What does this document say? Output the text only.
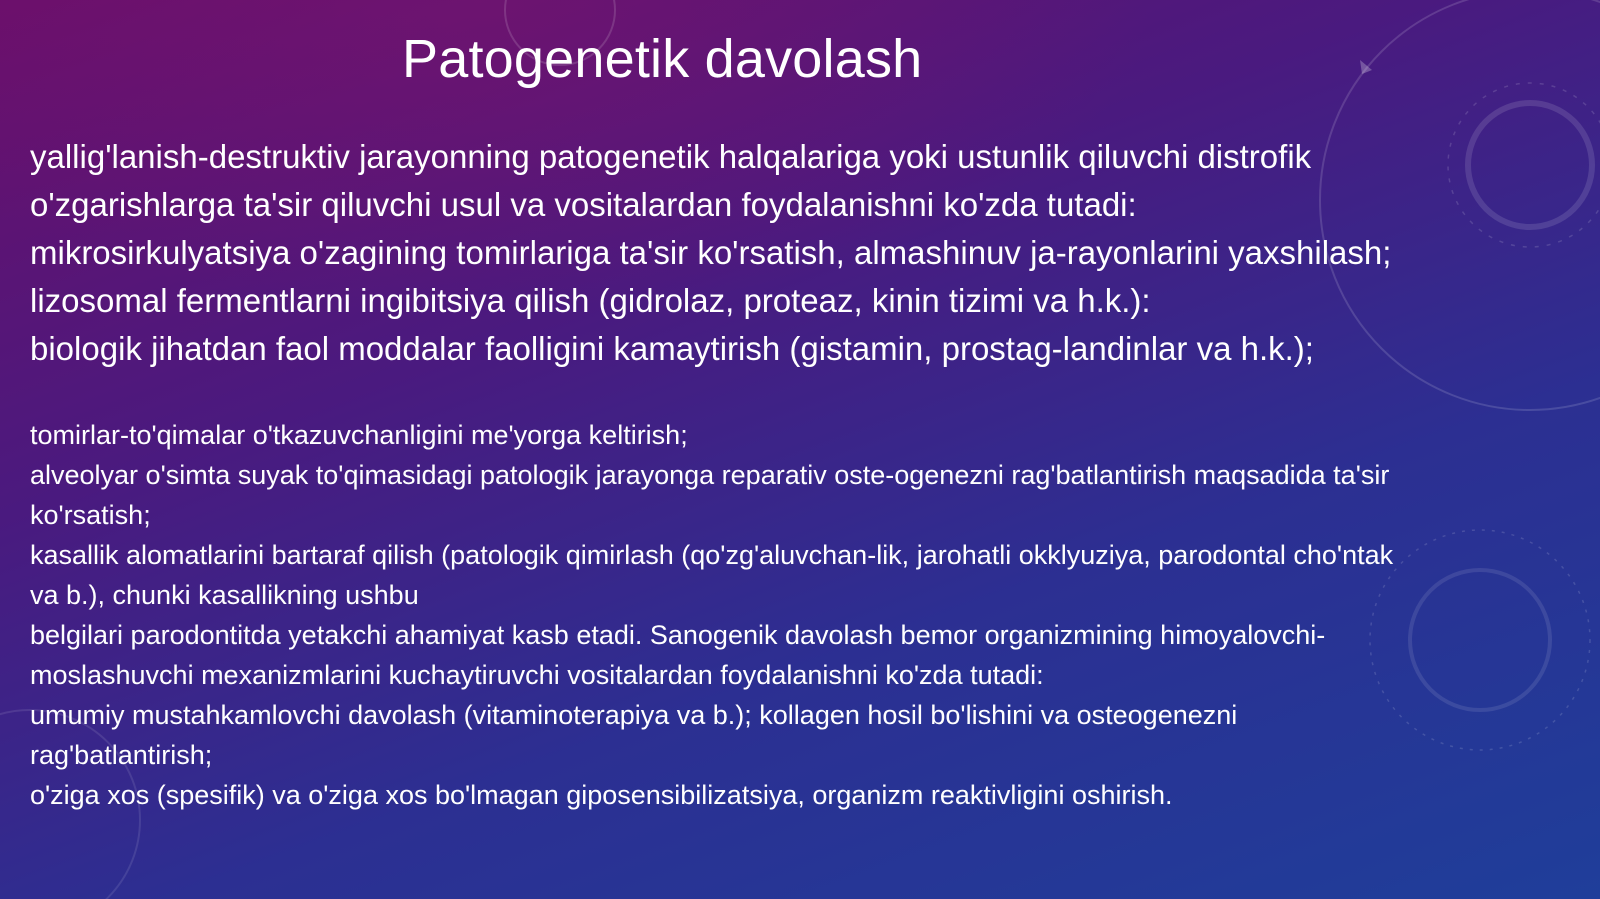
Patogenetik davolash
yallig'lanish-destruktiv jarayonning patogenetik halqalariga yoki ustunlik qiluvchi distrofik
o'zgarishlarga ta'sir qiluvchi usul va vositalardan foydalanishni ko'zda tutadi:
mikrosirkulyatsiya o'zagining tomirlariga ta'sir ko'rsatish, almashinuv ja-rayonlarini yaxshilash;
lizosomal fermentlarni ingibitsiya qilish (gidrolaz, proteaz, kinin tizimi va h.k.):
biologik jihatdan faol moddalar faolligini kamaytirish (gistamin, prostag-landinlar va h.k.);
tomirlar-to'qimalar o'tkazuvchanligini me'yorga keltirish;
alveolyar o'simta suyak to'qimasidagi patologik jarayonga reparativ oste-ogenezni rag'batlantirish maqsadida ta'sir
ko'rsatish;
kasallik alomatlarini bartaraf qilish (patologik qimirlash (qo'zg'aluvchan-lik, jarohatli okklyuziya, parodontal cho'ntak
va b.), chunki kasallikning ushbu
belgilari parodontitda yetakchi ahamiyat kasb etadi. Sanogenik davolash bemor organizmining himoyalovchi-
moslashuvchi mexanizmlarini kuchaytiruvchi vositalardan foydalanishni ko'zda tutadi:
umumiy mustahkamlovchi davolash (vitaminoterapiya va b.); kollagen hosil bo'lishini va osteogenezni
rag'batlantirish;
o'ziga xos (spesifik) va o'ziga xos bo'lmagan giposensibilizatsiya, organizm reaktivligini oshirish.
